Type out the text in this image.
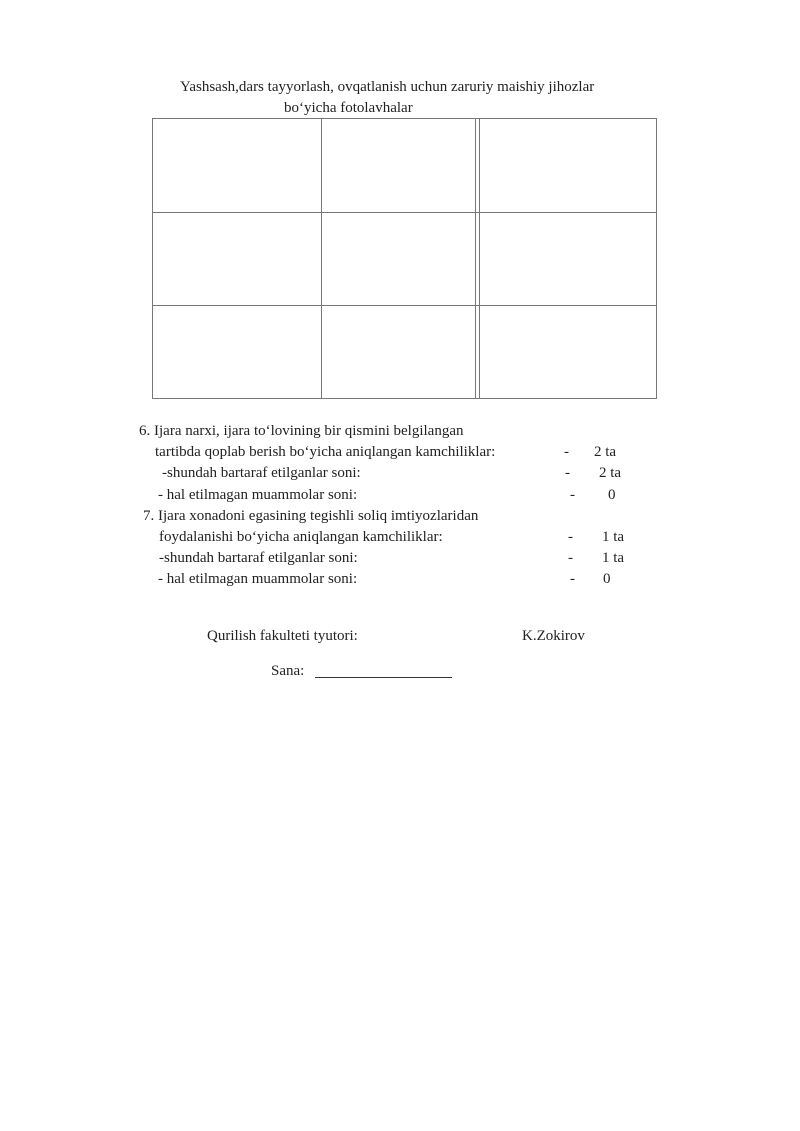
Yashsash,dars tayyorlash, ovqatlanish uchun zaruriy maishiy jihozlar
bo‘yicha fotolavhalar
6. Ijara narxi, ijara to‘lovining bir qismini belgilangan
tartibda qoplab berish bo‘yicha aniqlangan kamchiliklar:	- 2 ta
-shundah bartaraf etilganlar soni:	- 2 ta
- hal etilmagan muammolar soni:	- 0
7. Ijara xonadoni egasining tegishli soliq imtiyozlaridan
foydalanishi bo‘yicha aniqlangan kamchiliklar:	- 1 ta
-shundah bartaraf etilganlar soni:	- 1 ta
- hal etilmagan muammolar soni:	- 0
Qurilish fakulteti tyutori:	K.Zokirov
Sana:
